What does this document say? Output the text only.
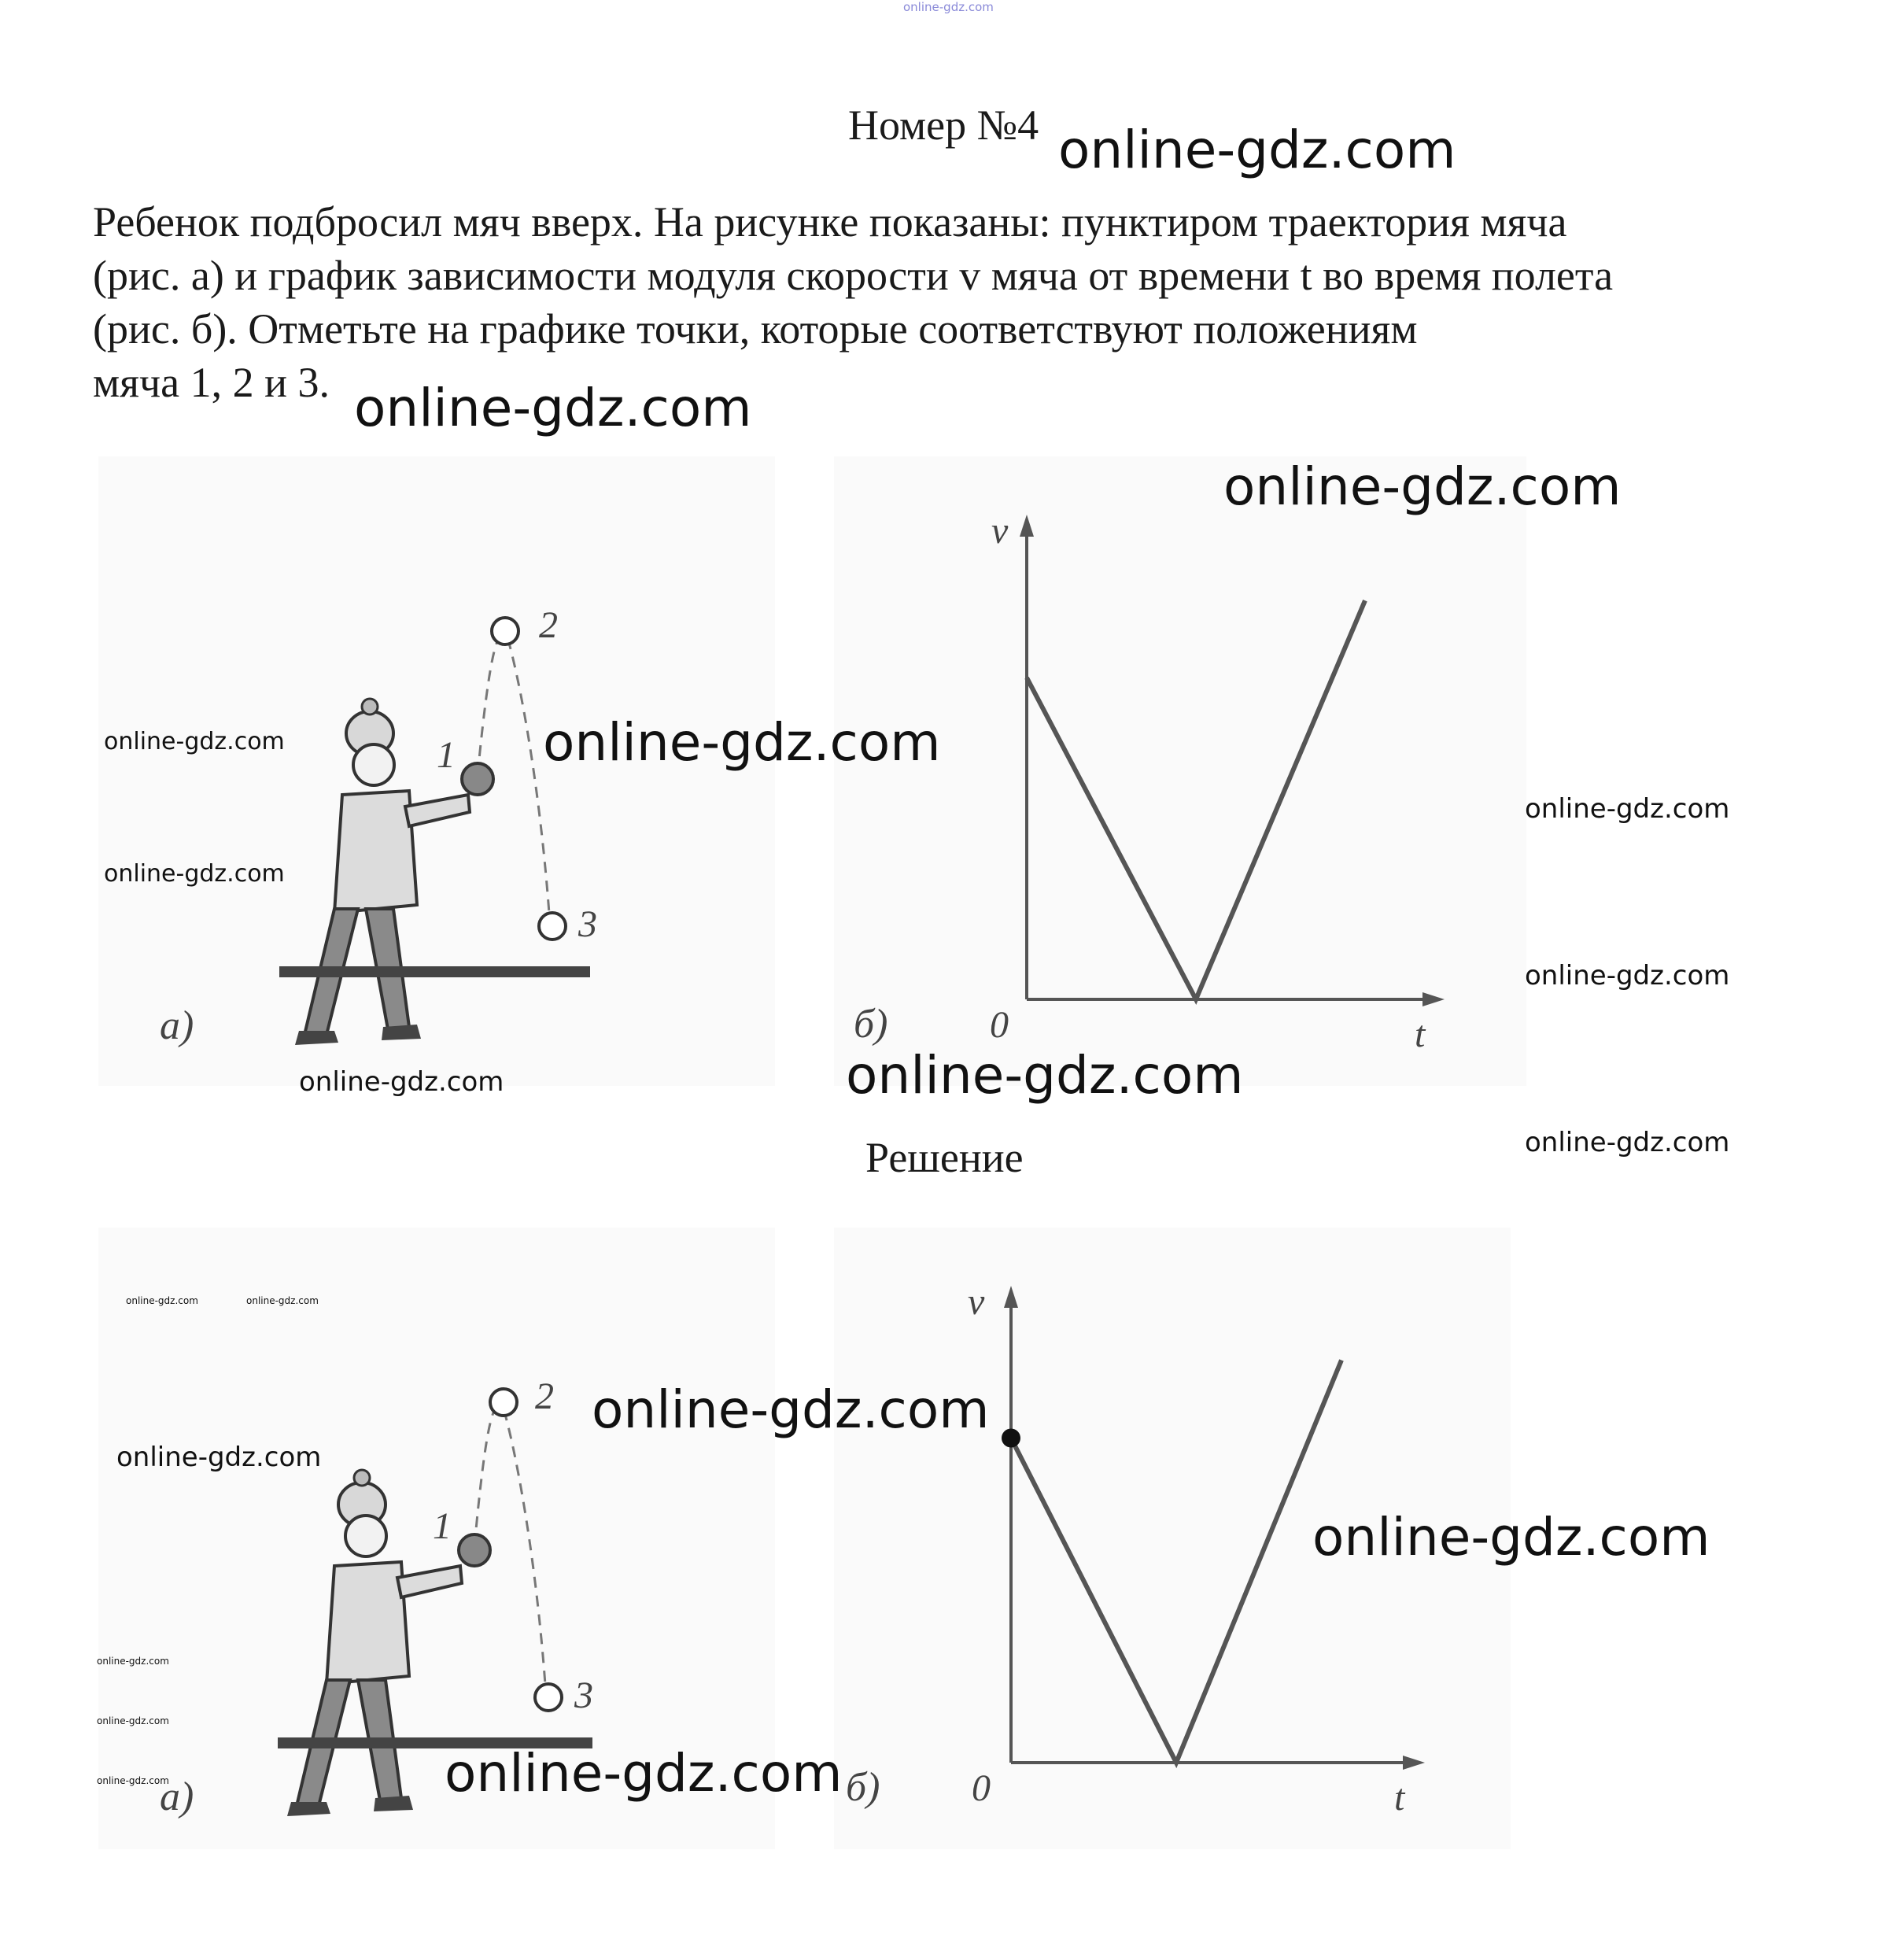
Номер №4
Ребенок подбросил мяч вверх. На рисунке показаны: пунктиром траектория мяча
(рис. а) и график зависимости модуля скорости v мяча от времени t во время полета
(рис. б). Отметьте на графике точки, которые соответствуют положениям
мяча 1, 2 и 3.
1
2
3
а)
v
t
0
б)
Решение
1
2
3
а)
v
t
0
б)
online-gdz.com
online-gdz.com
online-gdz.com
online-gdz.com
online-gdz.com
online-gdz.com
online-gdz.com
online-gdz.com
online-gdz.com
online-gdz.com
online-gdz.com	online-gdz.com
online-gdz.com	online-gdz.com
online-gdz.com
online-gdz.com
online-gdz.com
online-gdz.com
online-gdz.com
online-gdz.com	online-gdz.com
